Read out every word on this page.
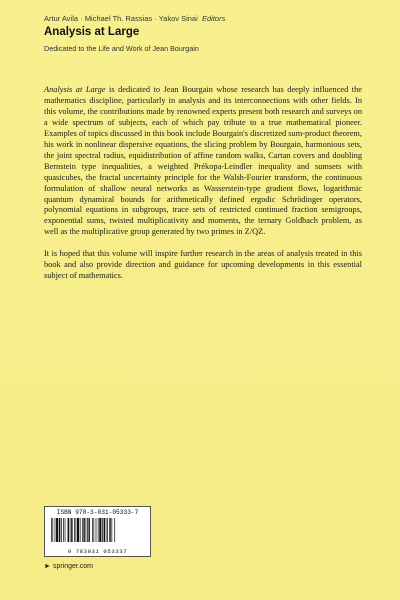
Artur Avila · Michael Th. Rassias · Yakov Sinai Editors
Analysis at Large
Dedicated to the Life and Work of Jean Bourgain

Analysis at Large is dedicated to Jean Bourgain whose research has deeply influenced the mathematics discipline, particularly in analysis and its interconnections with other fields. In this volume, the contributions made by renowned experts present both research and surveys on a wide spectrum of subjects, each of which pay tribute to a true mathematical pioneer. Examples of topics discussed in this book include Bourgain's discretized sum-product theorem, his work in nonlinear dispersive equations, the slicing problem by Bourgain, harmonious sets, the joint spectral radius, equidistribution of affine random walks, Cartan covers and doubling Bernstein type inequalities, a weighted Prékopa-Leindler inequality and sumsets with quasicubes, the fractal uncertainty principle for the Walsh-Fourier transform, the continuous formulation of shallow neural networks as Wasserstein-type gradient flows, logarithmic quantum dynamical bounds for arithmetically defined ergodic Schrödinger operators, polynomial equations in subgroups, trace sets of restricted continued fraction semigroups, exponential sums, twisted multiplicativity and moments, the ternary Goldbach problem, as well as the multiplicative group generated by two primes in Z/QZ.

It is hoped that this volume will inspire further research in the areas of analysis treated in this book and also provide direction and guidance for upcoming developments in this essential subject of mathematics.

ISBN 978-3-031-05333-7
9 783031 053337
► springer.com
